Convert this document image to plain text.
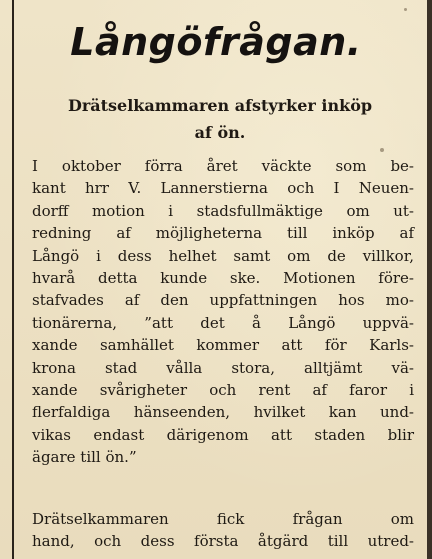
Långöfrågan.
Drätselkammaren afstyrker inköp
af ön.
I oktober förra året väckte som be-
kant hrr V. Lannerstierna och I Neuen-
dorff motion i stadsfullmäktige om ut-
redning af möjligheterna till inköp af
Långö i dess helhet samt om de villkor,
hvarå detta kunde ske. Motionen före-
stafvades af den uppfattningen hos mo-
tionärerna, ”att det å Långö uppvä-
xande samhället kommer att för Karls-
krona stad vålla stora, alltjämt vä-
xande svårigheter och rent af faror i
flerfaldiga hänseenden, hvilket kan und-
vikas endast därigenom att staden blir
ägare till ön.”
Drätselkammaren fick frågan om
hand, och dess första åtgärd till utred-
